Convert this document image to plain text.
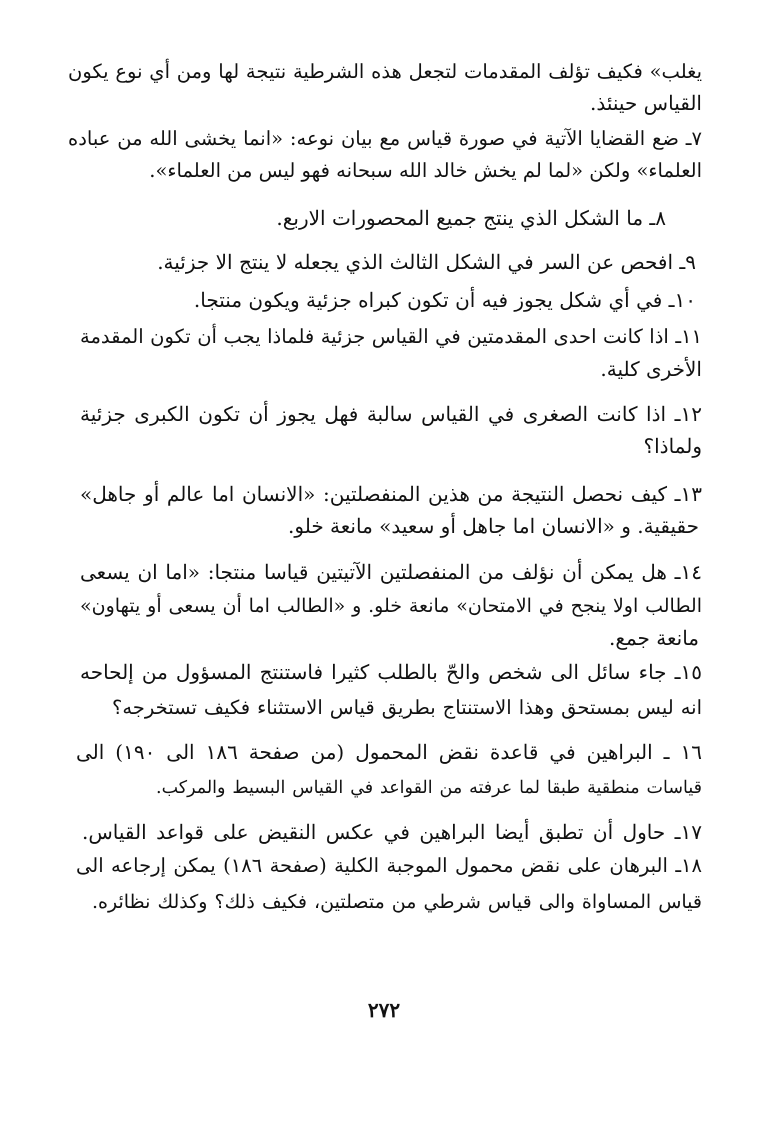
يغلب» فكيف تؤلف المقدمات لتجعل هذه الشرطية نتيجة لها ومن أي نوع يكون
القياس حينئذ.
٧ـ ضع القضايا الآتية في صورة قياس مع بيان نوعه: «انما يخشى الله من عباده
العلماء» ولكن «لما لم يخش خالد الله سبحانه فهو ليس من العلماء».
٨ـ ما الشكل الذي ينتج جميع المحصورات الاربع.
٩ـ افحص عن السر في الشكل الثالث الذي يجعله لا ينتج الا جزئية.
١٠ـ في أي شكل يجوز فيه أن تكون كبراه جزئية ويكون منتجا.
١١ـ اذا كانت احدى المقدمتين في القياس جزئية فلماذا يجب أن تكون المقدمة
الأخرى كلية.
١٢ـ اذا كانت الصغرى في القياس سالبة فهل يجوز أن تكون الكبرى جزئية
ولماذا؟
١٣ـ كيف نحصل النتيجة من هذين المنفصلتين: «الانسان اما عالم أو جاهل»
حقيقية. و «الانسان اما جاهل أو سعيد» مانعة خلو.
١٤ـ هل يمكن أن نؤلف من المنفصلتين الآتيتين قياسا منتجا: «اما ان يسعى
الطالب اولا ينجح في الامتحان» مانعة خلو. و «الطالب اما أن يسعى أو يتهاون»
مانعة جمع.
١٥ـ جاء سائل الى شخص والحّ بالطلب كثيرا فاستنتج المسؤول من إلحاحه
انه ليس بمستحق وهذا الاستنتاج بطريق قياس الاستثناء فكيف تستخرجه؟
١٦ ـ البراهين في قاعدة نقض المحمول (من صفحة ١٨٦ الى ١٩٠) الى
قياسات منطقية طبقا لما عرفته من القواعد في القياس البسيط والمركب.
١٧ـ حاول أن تطبق أيضا البراهين في عكس النقيض على قواعد القياس.
١٨ـ البرهان على نقض محمول الموجبة الكلية (صفحة ١٨٦) يمكن إرجاعه الى
قياس المساواة والى قياس شرطي من متصلتين، فكيف ذلك؟ وكذلك نظائره.
٢٧٢
